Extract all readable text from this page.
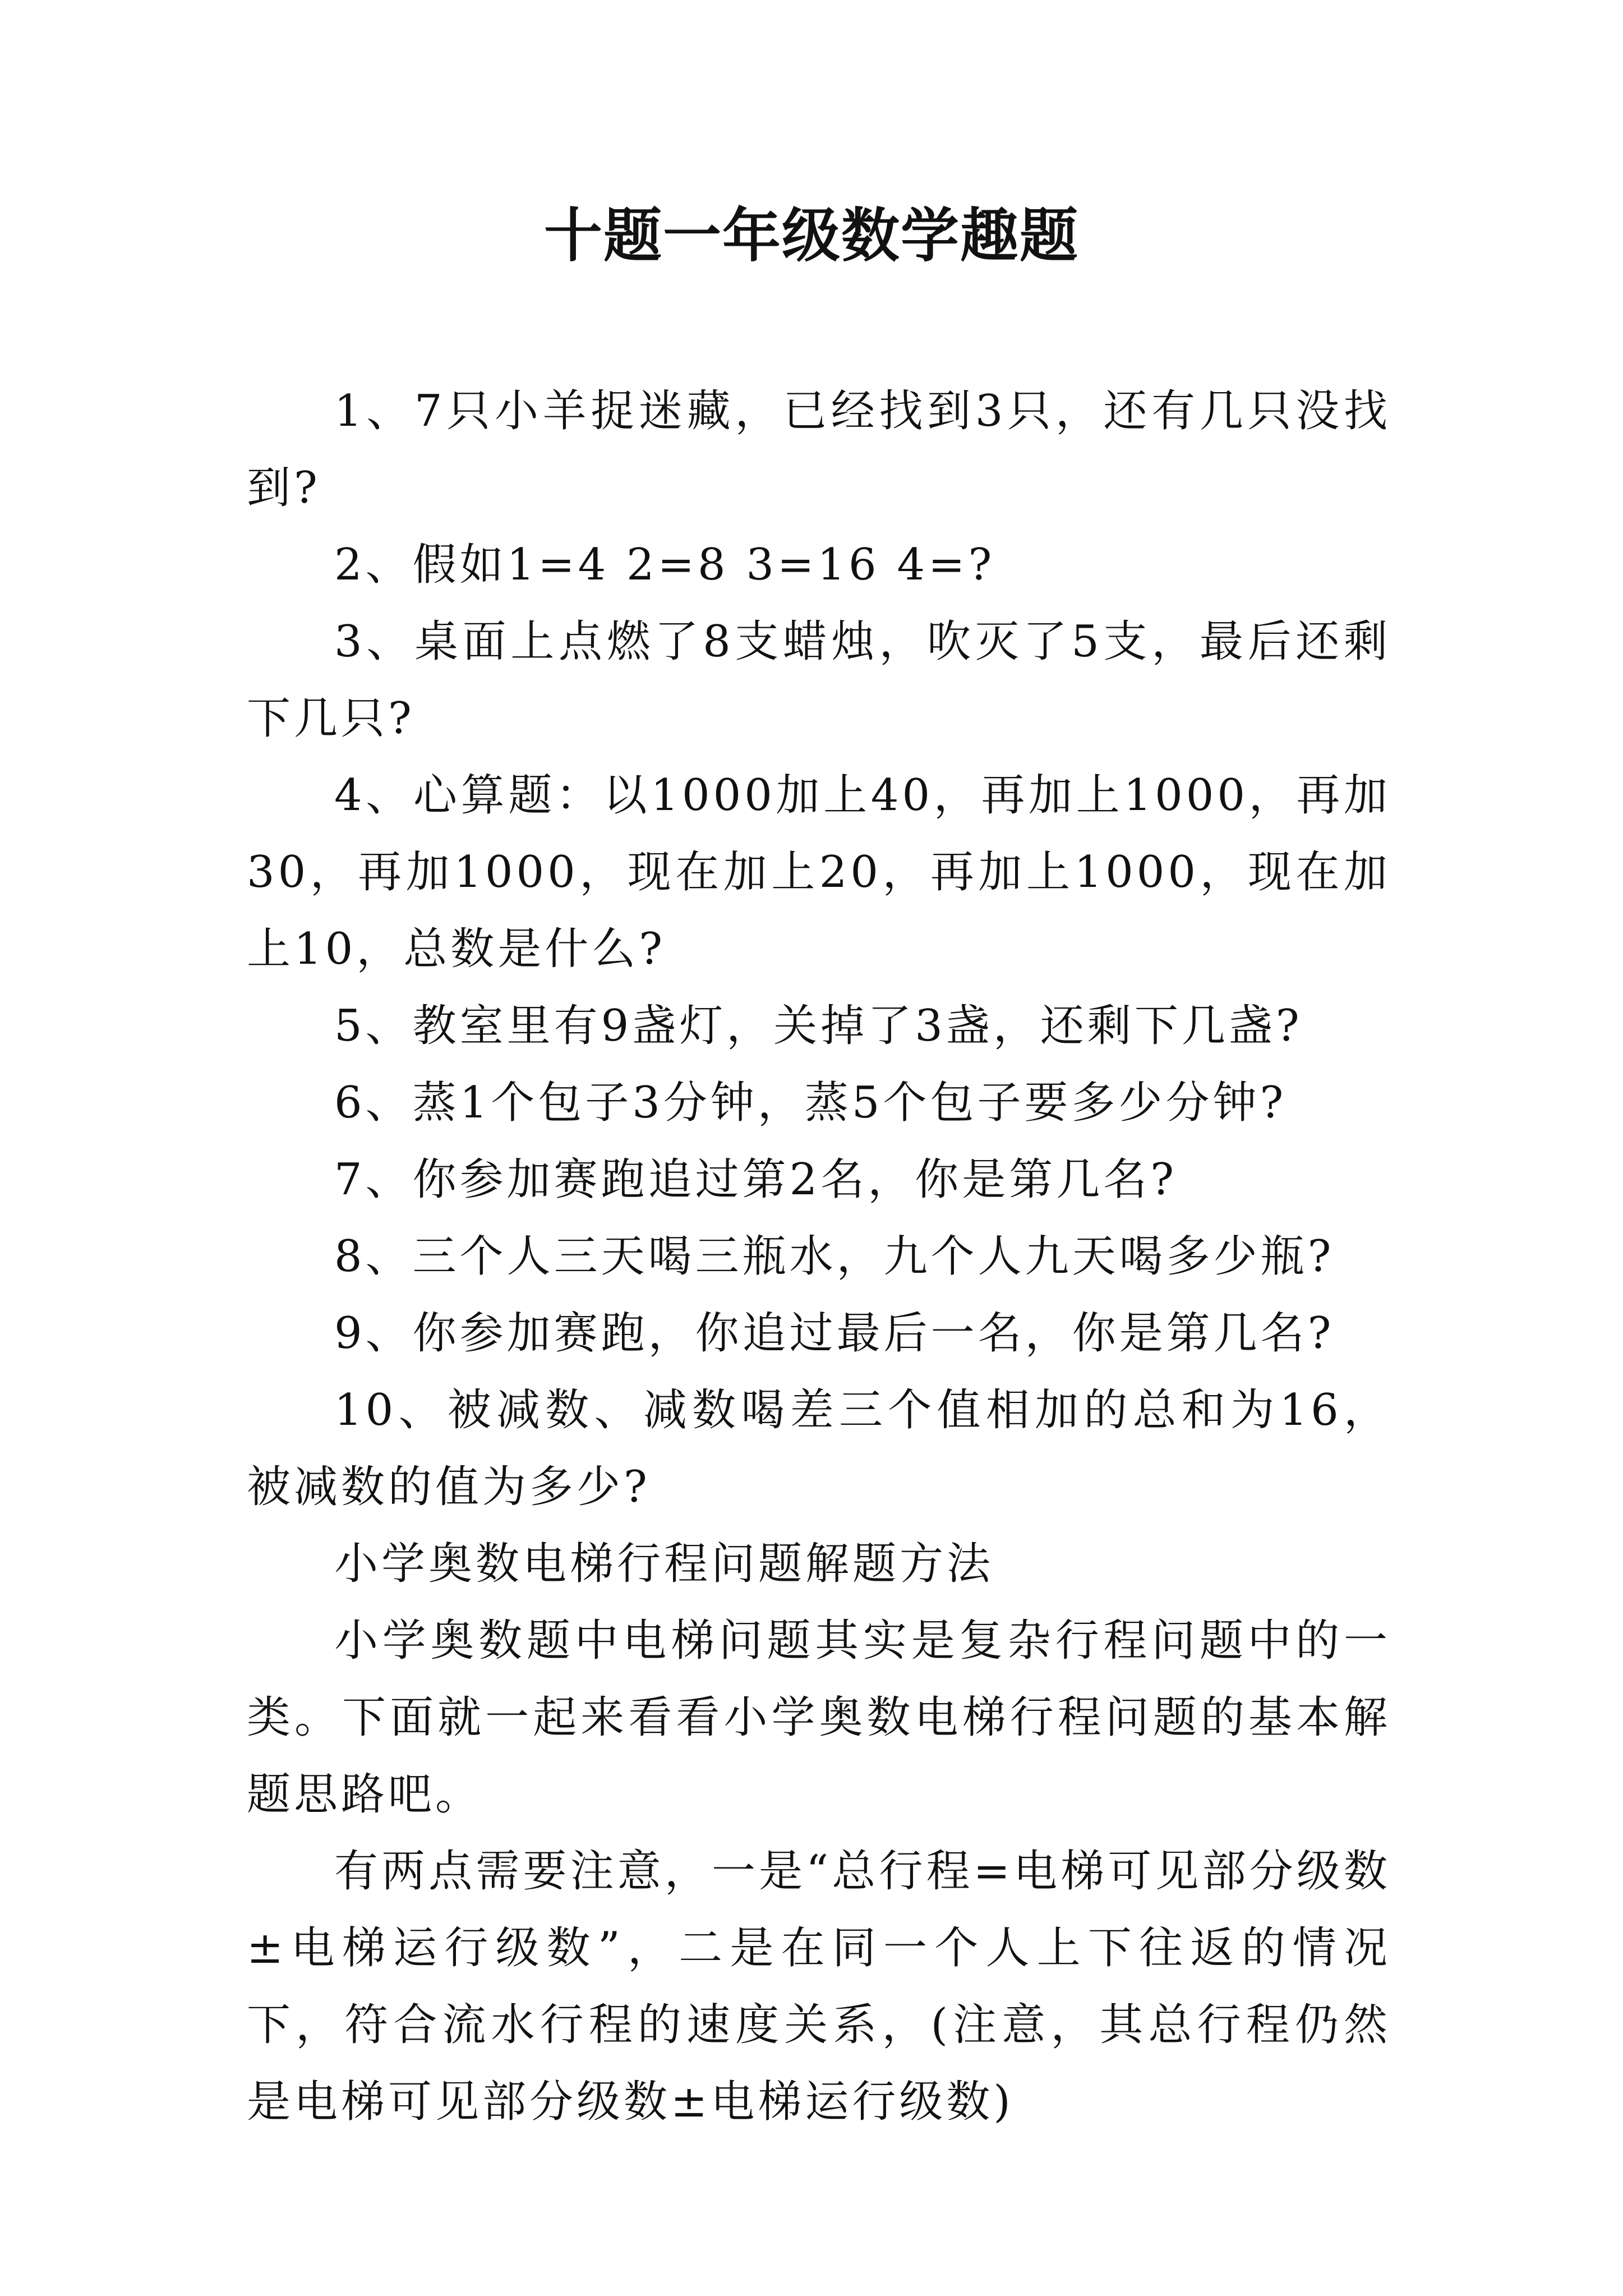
十题一年级数学趣题

1、7只小羊捉迷藏，已经找到3只，还有几只没找到?

2、假如1=4 2=8 3=16 4=?

3、桌面上点燃了8支蜡烛，吹灭了5支，最后还剩下几只?

4、心算题：以1000加上40，再加上1000，再加30，再加1000，现在加上20，再加上1000，现在加上10，总数是什么?

5、教室里有9盏灯，关掉了3盏，还剩下几盏?

6、蒸1个包子3分钟，蒸5个包子要多少分钟?

7、你参加赛跑追过第2名，你是第几名?

8、三个人三天喝三瓶水，九个人九天喝多少瓶?

9、你参加赛跑，你追过最后一名，你是第几名?

10、被减数、减数喝差三个值相加的总和为16，被减数的值为多少?

小学奥数电梯行程问题解题方法

小学奥数题中电梯问题其实是复杂行程问题中的一类。下面就一起来看看小学奥数电梯行程问题的基本解题思路吧。

有两点需要注意，一是“总行程=电梯可见部分级数±电梯运行级数”，二是在同一个人上下往返的情况下，符合流水行程的速度关系，(注意，其总行程仍然是电梯可见部分级数±电梯运行级数)
